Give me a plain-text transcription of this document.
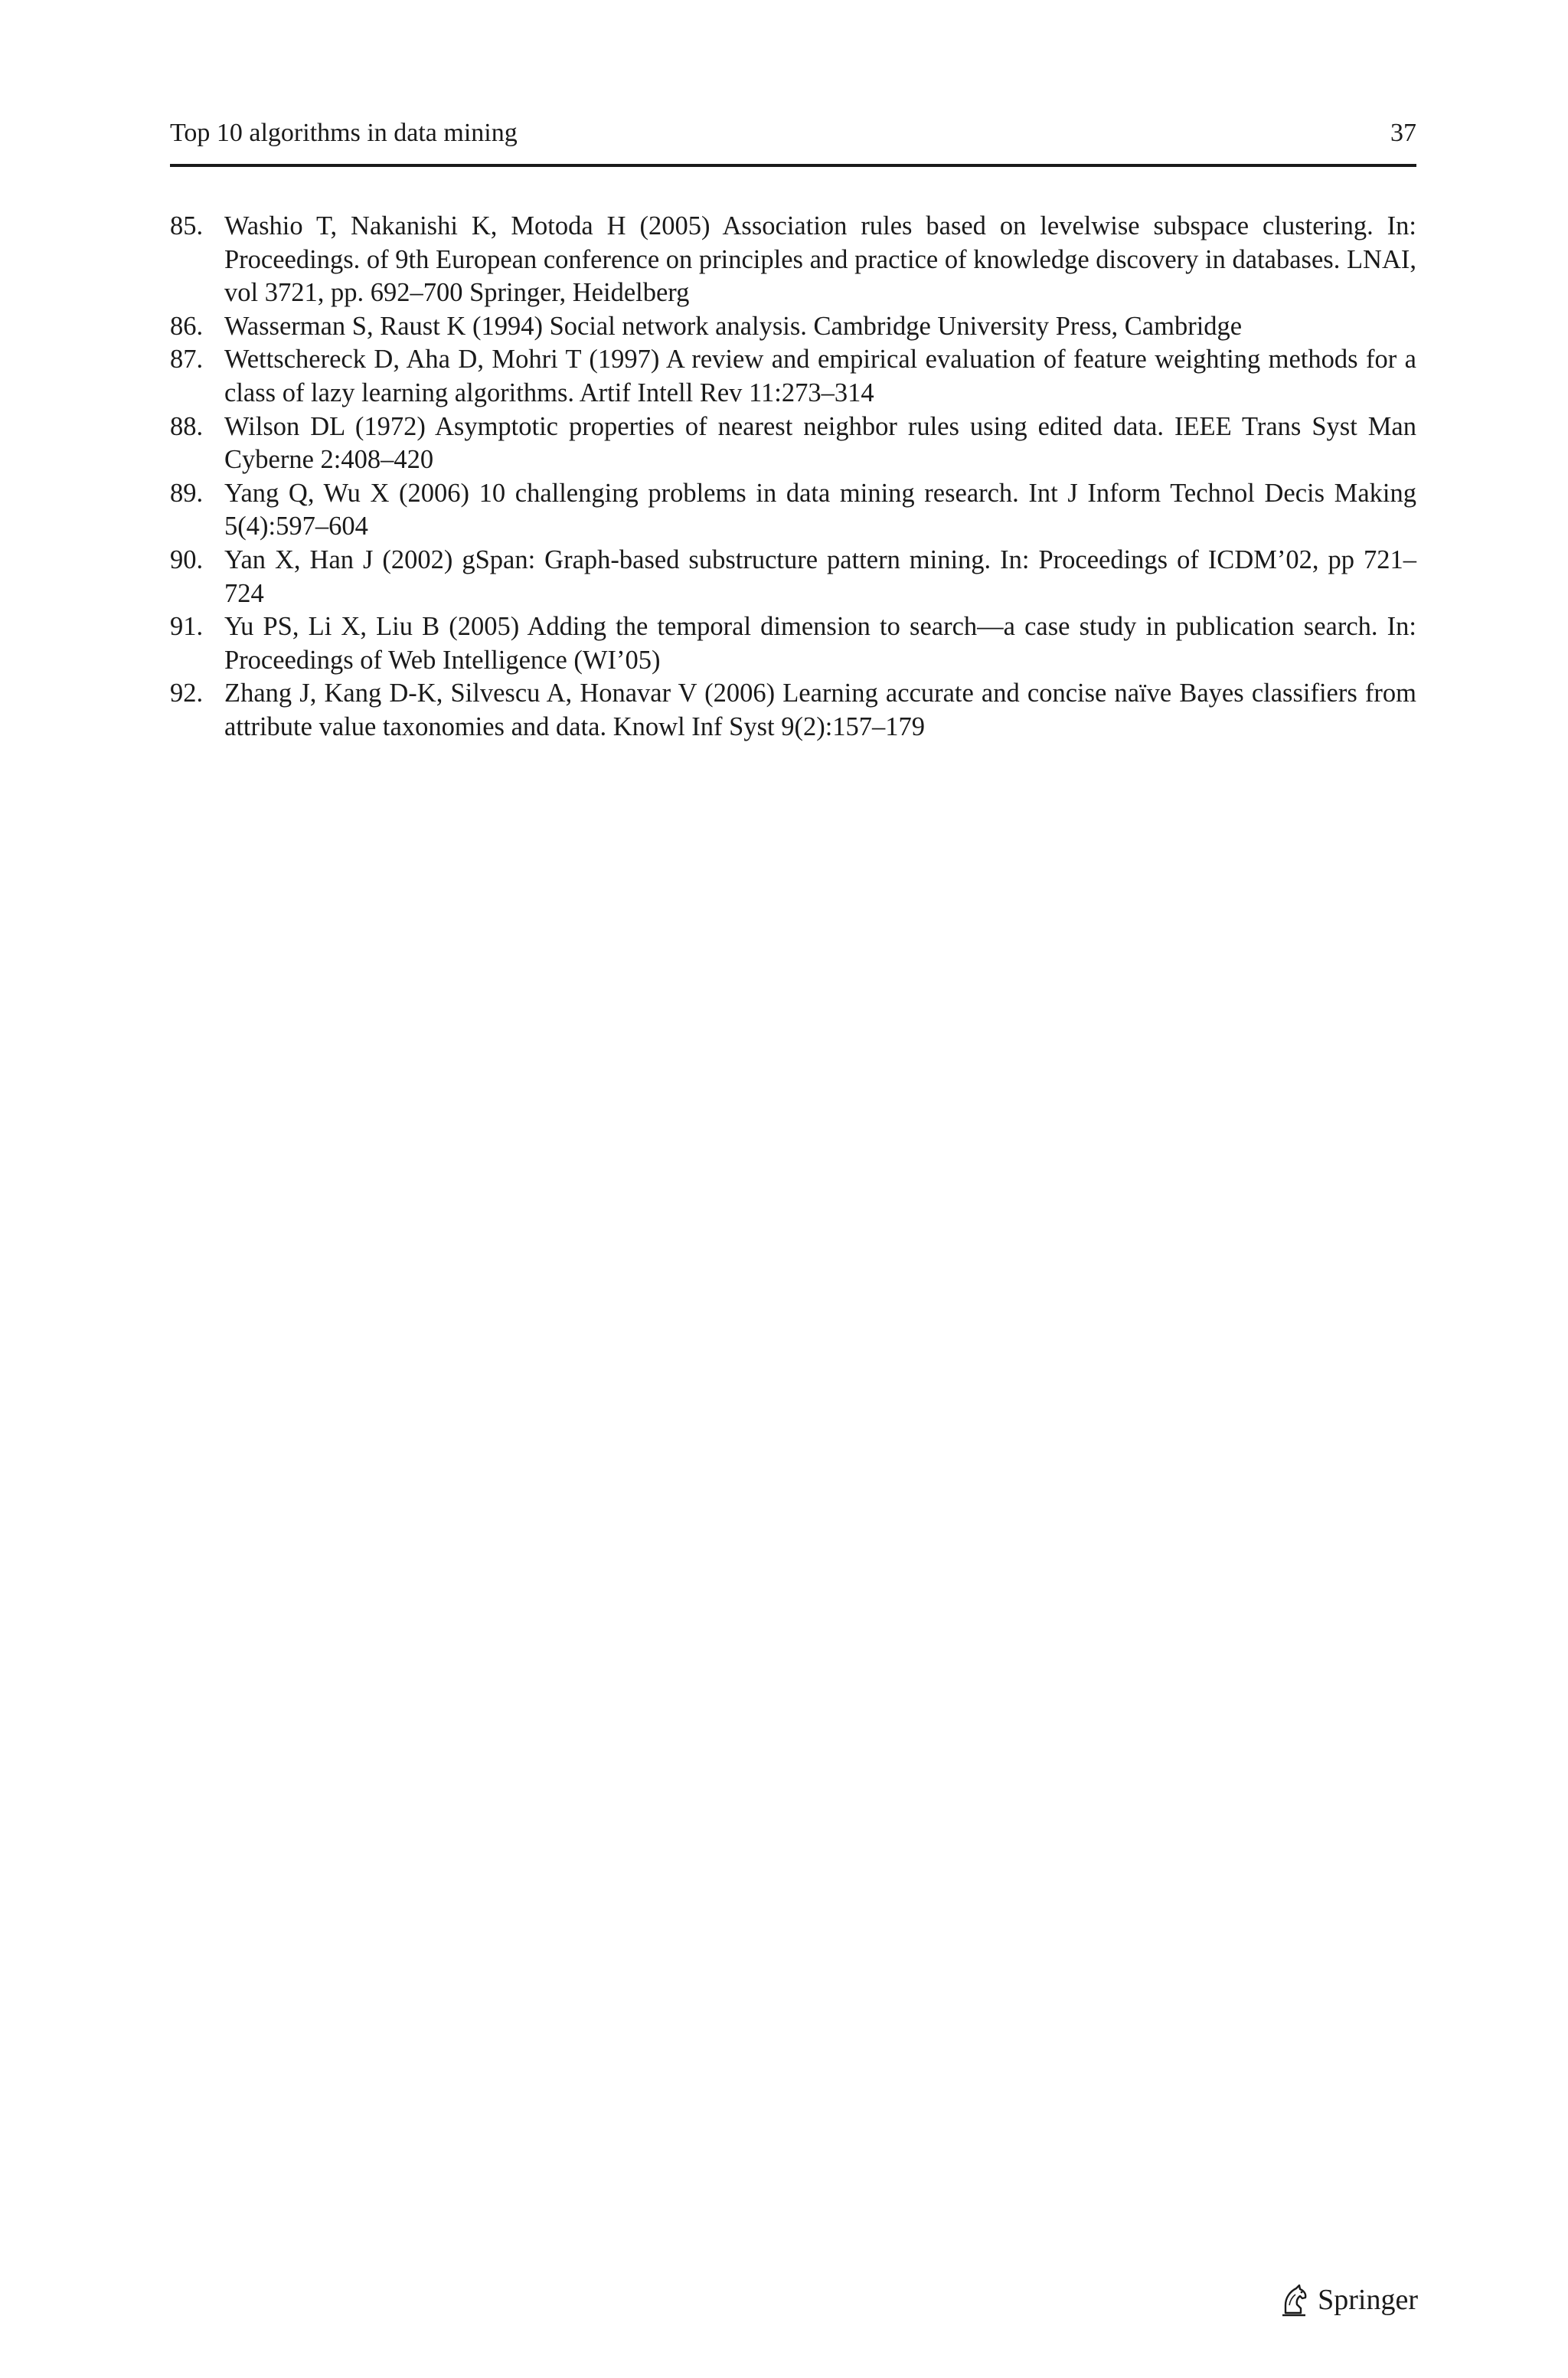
Top 10 algorithms in data mining	37
85. Washio T, Nakanishi K, Motoda H (2005) Association rules based on levelwise subspace clustering. In: Proceedings. of 9th European conference on principles and practice of knowledge discovery in databases. LNAI, vol 3721, pp. 692–700 Springer, Heidelberg
86. Wasserman S, Raust K (1994) Social network analysis. Cambridge University Press, Cambridge
87. Wettschereck D, Aha D, Mohri T (1997) A review and empirical evaluation of feature weighting methods for a class of lazy learning algorithms. Artif Intell Rev 11:273–314
88. Wilson DL (1972) Asymptotic properties of nearest neighbor rules using edited data. IEEE Trans Syst Man Cyberne 2:408–420
89. Yang Q, Wu X (2006) 10 challenging problems in data mining research. Int J Inform Technol Decis Making 5(4):597–604
90. Yan X, Han J (2002) gSpan: Graph-based substructure pattern mining. In: Proceedings of ICDM’02, pp 721–724
91. Yu PS, Li X, Liu B (2005) Adding the temporal dimension to search—a case study in publication search. In: Proceedings of Web Intelligence (WI’05)
92. Zhang J, Kang D-K, Silvescu A, Honavar V (2006) Learning accurate and concise naïve Bayes classifiers from attribute value taxonomies and data. Knowl Inf Syst 9(2):157–179
Springer
